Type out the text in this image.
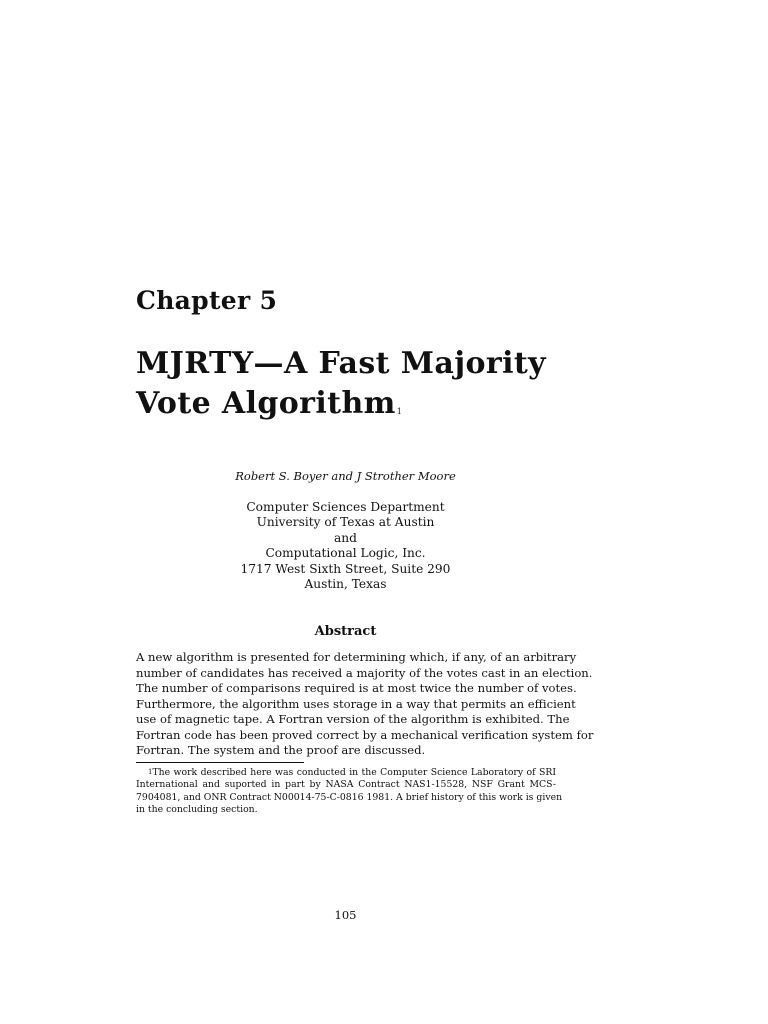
Chapter 5
MJRTY—A Fast Majority
Vote Algorithm$^1$
Robert S. Boyer and J Strother Moore
Computer Sciences Department
University of Texas at Austin
and
Computational Logic, Inc.
1717 West Sixth Street, Suite 290
Austin, Texas
Abstract
A new algorithm is presented for determining which, if any, of an arbitrary
number of candidates has received a majority of the votes cast in an election.
The number of comparisons required is at most twice the number of votes.
Furthermore, the algorithm uses storage in a way that permits an efficient
use of magnetic tape. A Fortran version of the algorithm is exhibited. The
Fortran code has been proved correct by a mechanical verification system for
Fortran. The system and the proof are discussed.
$^1$The work described here was conducted in the Computer Science Laboratory of SRI
International and suported in part by NASA Contract NAS1-15528, NSF Grant MCS-
7904081, and ONR Contract N00014-75-C-0816 1981. A brief history of this work is given
in the concluding section.
105
